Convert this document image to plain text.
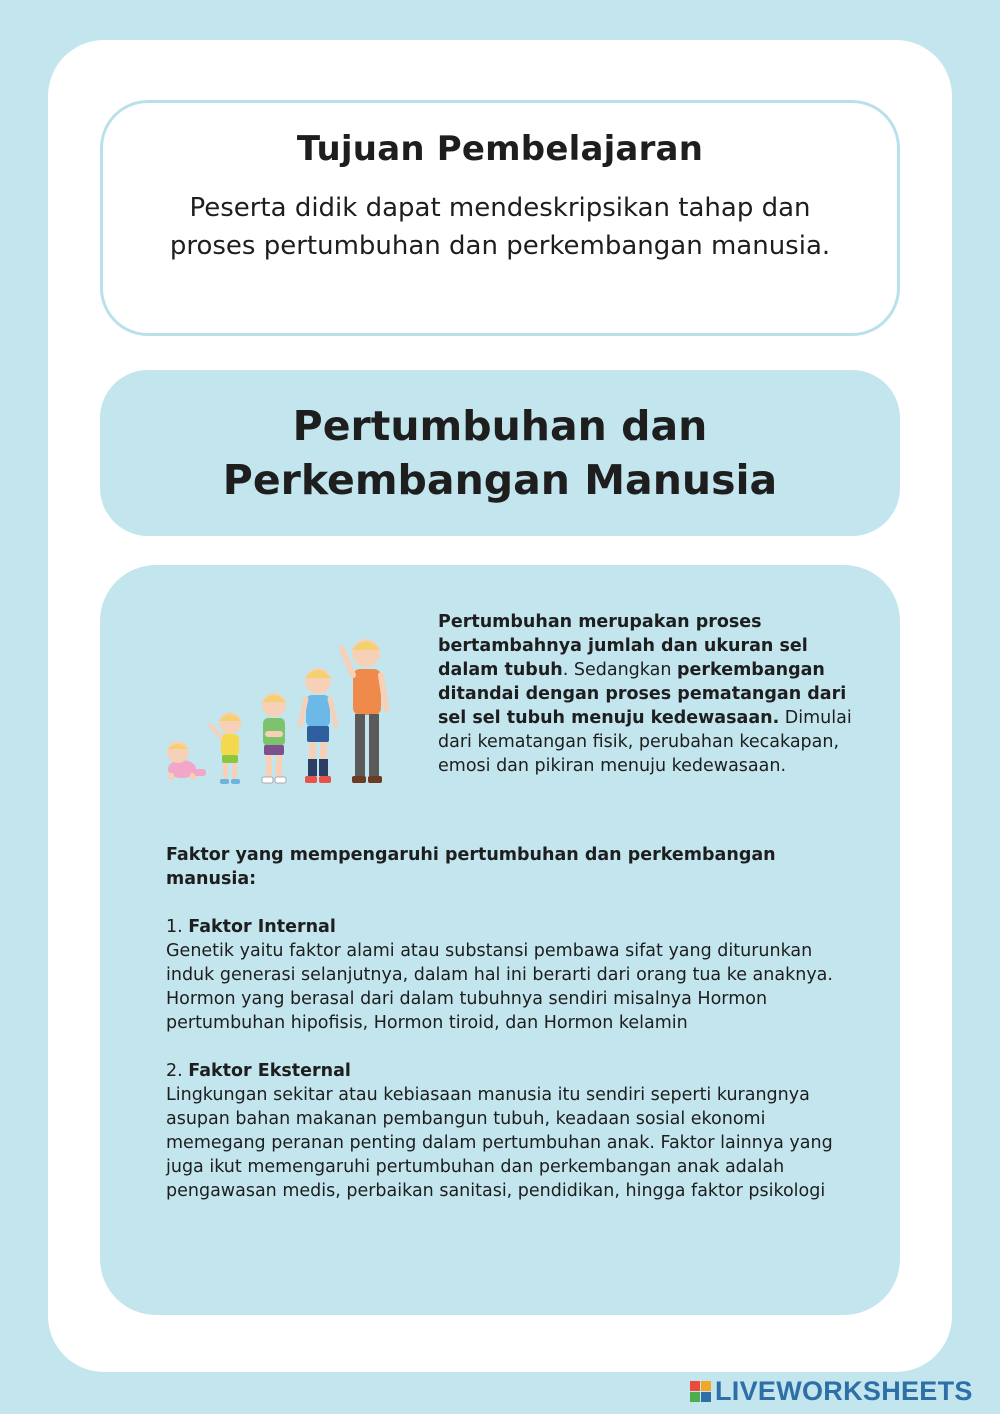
Tujuan Pembelajaran

Peserta didik dapat mendeskripsikan tahap dan proses pertumbuhan dan perkembangan manusia.

Pertumbuhan dan Perkembangan Manusia

Pertumbuhan merupakan proses bertambahnya jumlah dan ukuran sel dalam tubuh. Sedangkan perkembangan ditandai dengan proses pematangan dari sel sel tubuh menuju kedewasaan. Dimulai dari kematangan fisik, perubahan kecakapan, emosi dan pikiran menuju kedewasaan.

Faktor yang mempengaruhi pertumbuhan dan perkembangan manusia:

1. Faktor Internal

Genetik yaitu faktor alami atau substansi pembawa sifat yang diturunkan induk generasi selanjutnya, dalam hal ini berarti dari orang tua ke anaknya. Hormon yang berasal dari dalam tubuhnya sendiri misalnya Hormon pertumbuhan hipofisis, Hormon tiroid, dan Hormon kelamin

2. Faktor Eksternal

Lingkungan sekitar atau kebiasaan manusia itu sendiri seperti kurangnya asupan bahan makanan pembangun tubuh, keadaan sosial ekonomi memegang peranan penting dalam pertumbuhan anak. Faktor lainnya yang juga ikut memengaruhi pertumbuhan dan perkembangan anak adalah pengawasan medis, perbaikan sanitasi, pendidikan, hingga faktor psikologi

LIVEWORKSHEETS
